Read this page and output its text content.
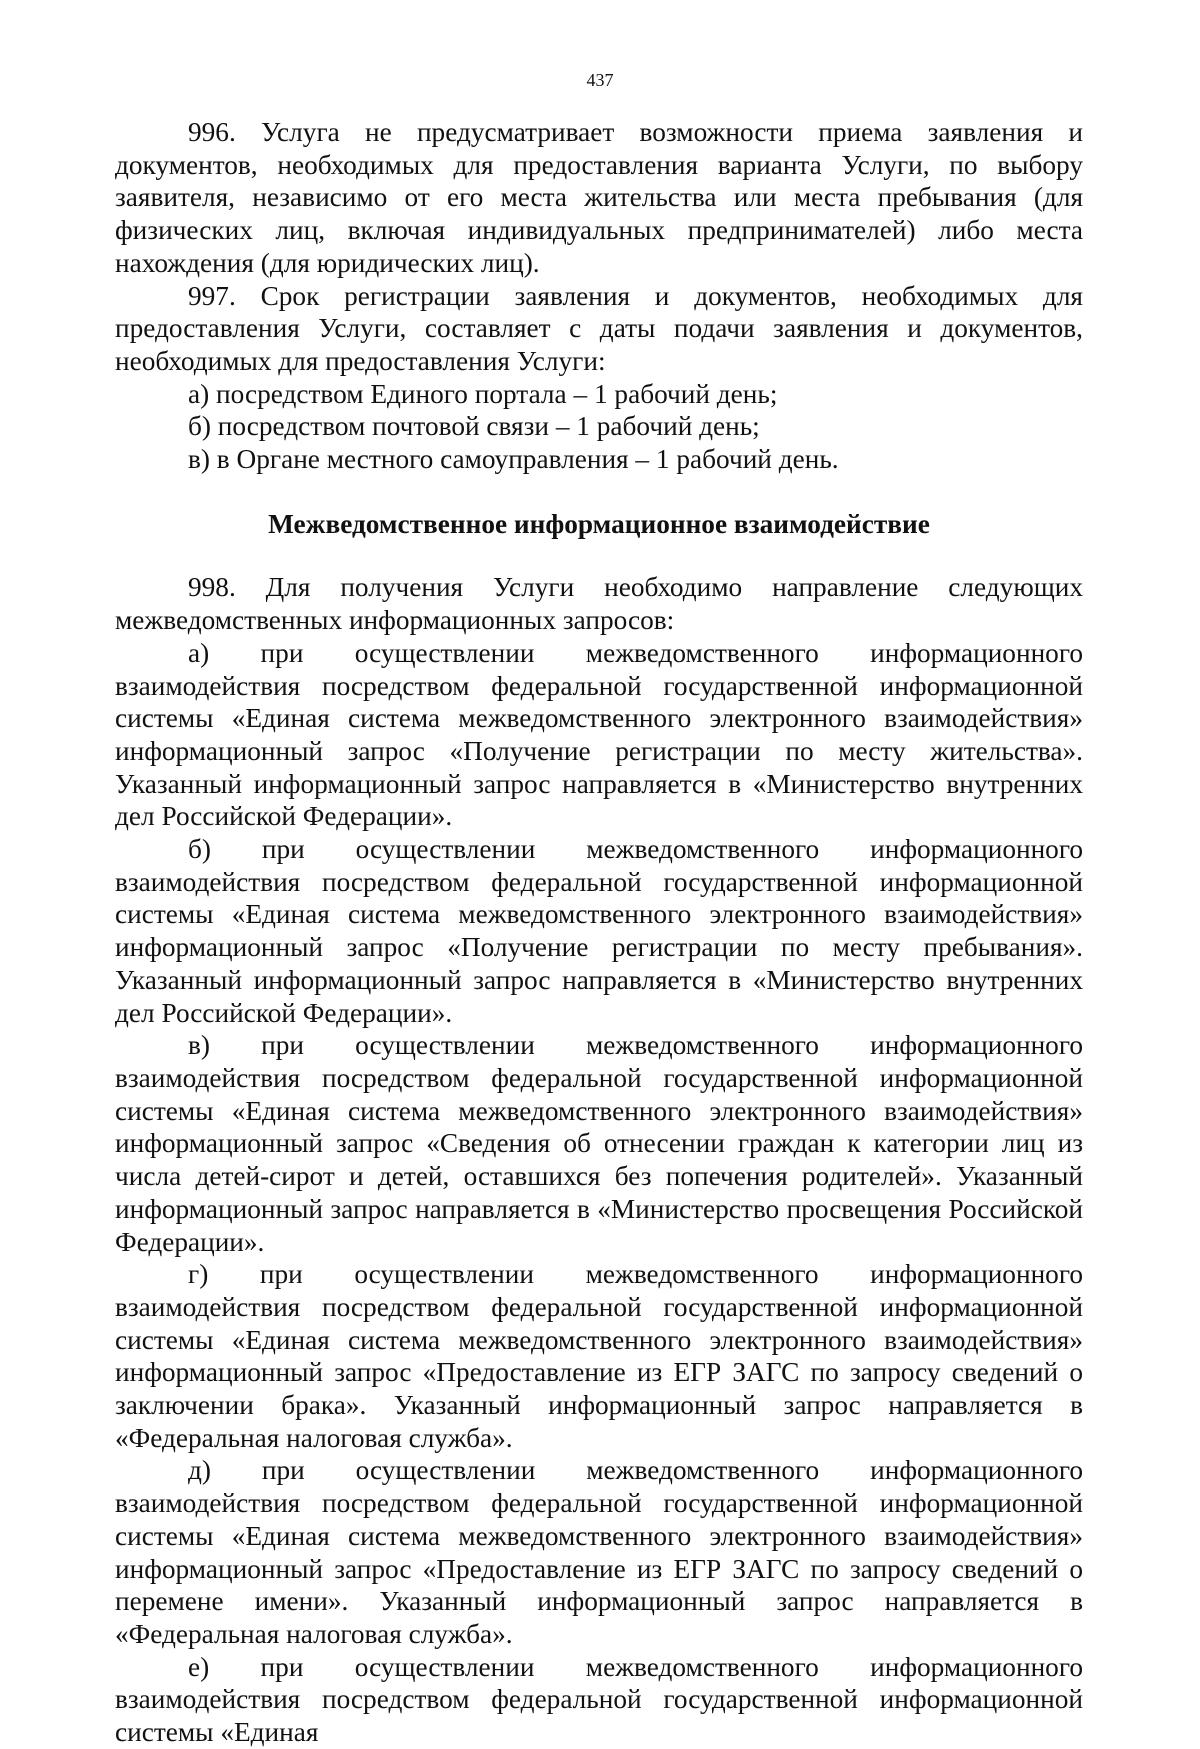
437

996. Услуга не предусматривает возможности приема заявления и документов, необходимых для предоставления варианта Услуги, по выбору заявителя, независимо от его места жительства или места пребывания (для физических лиц, включая индивидуальных предпринимателей) либо места нахождения (для юридических лиц).

997. Срок регистрации заявления и документов, необходимых для предоставления Услуги, составляет с даты подачи заявления и документов, необходимых для предоставления Услуги:

а) посредством Единого портала – 1 рабочий день;

б) посредством почтовой связи – 1 рабочий день;

в) в Органе местного самоуправления – 1 рабочий день.

Межведомственное информационное взаимодействие

998. Для получения Услуги необходимо направление следующих межведомственных информационных запросов:

а) при осуществлении межведомственного информационного взаимодействия посредством федеральной государственной информационной системы «Единая система межведомственного электронного взаимодействия» информационный запрос «Получение регистрации по месту жительства». Указанный информационный запрос направляется в «Министерство внутренних дел Российской Федерации».

б) при осуществлении межведомственного информационного взаимодействия посредством федеральной государственной информационной системы «Единая система межведомственного электронного взаимодействия» информационный запрос «Получение регистрации по месту пребывания». Указанный информационный запрос направляется в «Министерство внутренних дел Российской Федерации».

в) при осуществлении межведомственного информационного взаимодействия посредством федеральной государственной информационной системы «Единая система межведомственного электронного взаимодействия» информационный запрос «Сведения об отнесении граждан к категории лиц из числа детей-сирот и детей, оставшихся без попечения родителей». Указанный информационный запрос направляется в «Министерство просвещения Российской Федерации».

г) при осуществлении межведомственного информационного взаимодействия посредством федеральной государственной информационной системы «Единая система межведомственного электронного взаимодействия» информационный запрос «Предоставление из ЕГР ЗАГС по запросу сведений о заключении брака». Указанный информационный запрос направляется в «Федеральная налоговая служба».

д) при осуществлении межведомственного информационного взаимодействия посредством федеральной государственной информационной системы «Единая система межведомственного электронного взаимодействия» информационный запрос «Предоставление из ЕГР ЗАГС по запросу сведений о перемене имени». Указанный информационный запрос направляется в «Федеральная налоговая служба».

е) при осуществлении межведомственного информационного взаимодействия посредством федеральной государственной информационной системы «Единая
